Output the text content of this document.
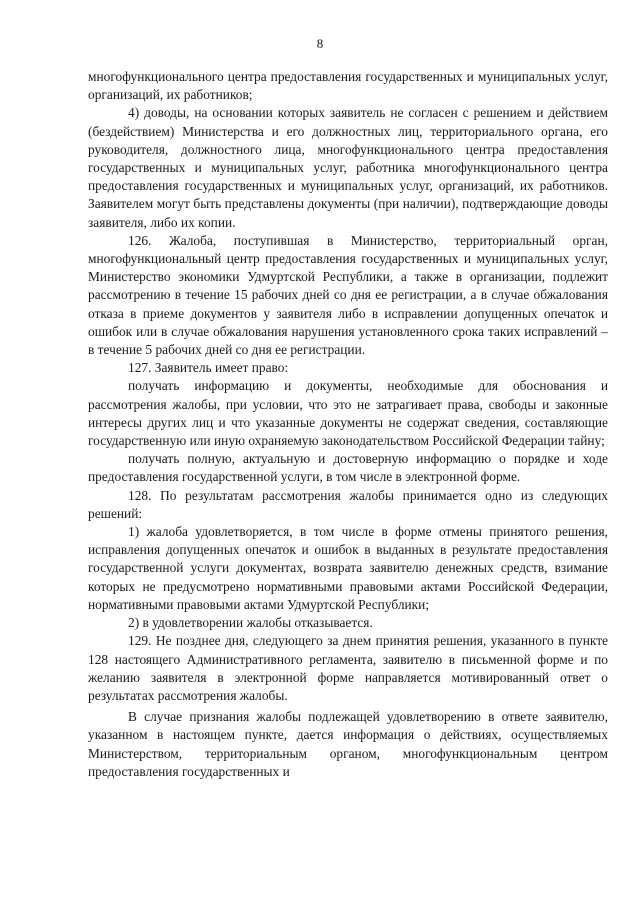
8

многофункционального центра предоставления государственных и муниципальных услуг, организаций, их работников;

4) доводы, на основании которых заявитель не согласен с решением и действием (бездействием) Министерства и его должностных лиц, территориального органа, его руководителя, должностного лица, многофункционального центра предоставления государственных и муниципальных услуг, работника многофункционального центра предоставления государственных и муниципальных услуг, организаций, их работников. Заявителем могут быть представлены документы (при наличии), подтверждающие доводы заявителя, либо их копии.

126. Жалоба, поступившая в Министерство, территориальный орган, многофункциональный центр предоставления государственных и муниципальных услуг, Министерство экономики Удмуртской Республики, а также в организации, подлежит рассмотрению в течение 15 рабочих дней со дня ее регистрации, а в случае обжалования отказа в приеме документов у заявителя либо в исправлении допущенных опечаток и ошибок или в случае обжалования нарушения установленного срока таких исправлений – в течение 5 рабочих дней со дня ее регистрации.

127. Заявитель имеет право:

получать информацию и документы, необходимые для обоснования и рассмотрения жалобы, при условии, что это не затрагивает права, свободы и законные интересы других лиц и что указанные документы не содержат сведения, составляющие государственную или иную охраняемую законодательством Российской Федерации тайну;

получать полную, актуальную и достоверную информацию о порядке и ходе предоставления государственной услуги, в том числе в электронной форме.

128. По результатам рассмотрения жалобы принимается одно из следующих решений:

1) жалоба удовлетворяется, в том числе в форме отмены принятого решения, исправления допущенных опечаток и ошибок в выданных в результате предоставления государственной услуги документах, возврата заявителю денежных средств, взимание которых не предусмотрено нормативными правовыми актами Российской Федерации, нормативными правовыми актами Удмуртской Республики;

2) в удовлетворении жалобы отказывается.

129. Не позднее дня, следующего за днем принятия решения, указанного в пункте 128 настоящего Административного регламента, заявителю в письменной форме и по желанию заявителя в электронной форме направляется мотивированный ответ о результатах рассмотрения жалобы.

В случае признания жалобы подлежащей удовлетворению в ответе заявителю, указанном в настоящем пункте, дается информация о действиях, осуществляемых Министерством, территориальным органом, многофункциональным центром предоставления государственных и
